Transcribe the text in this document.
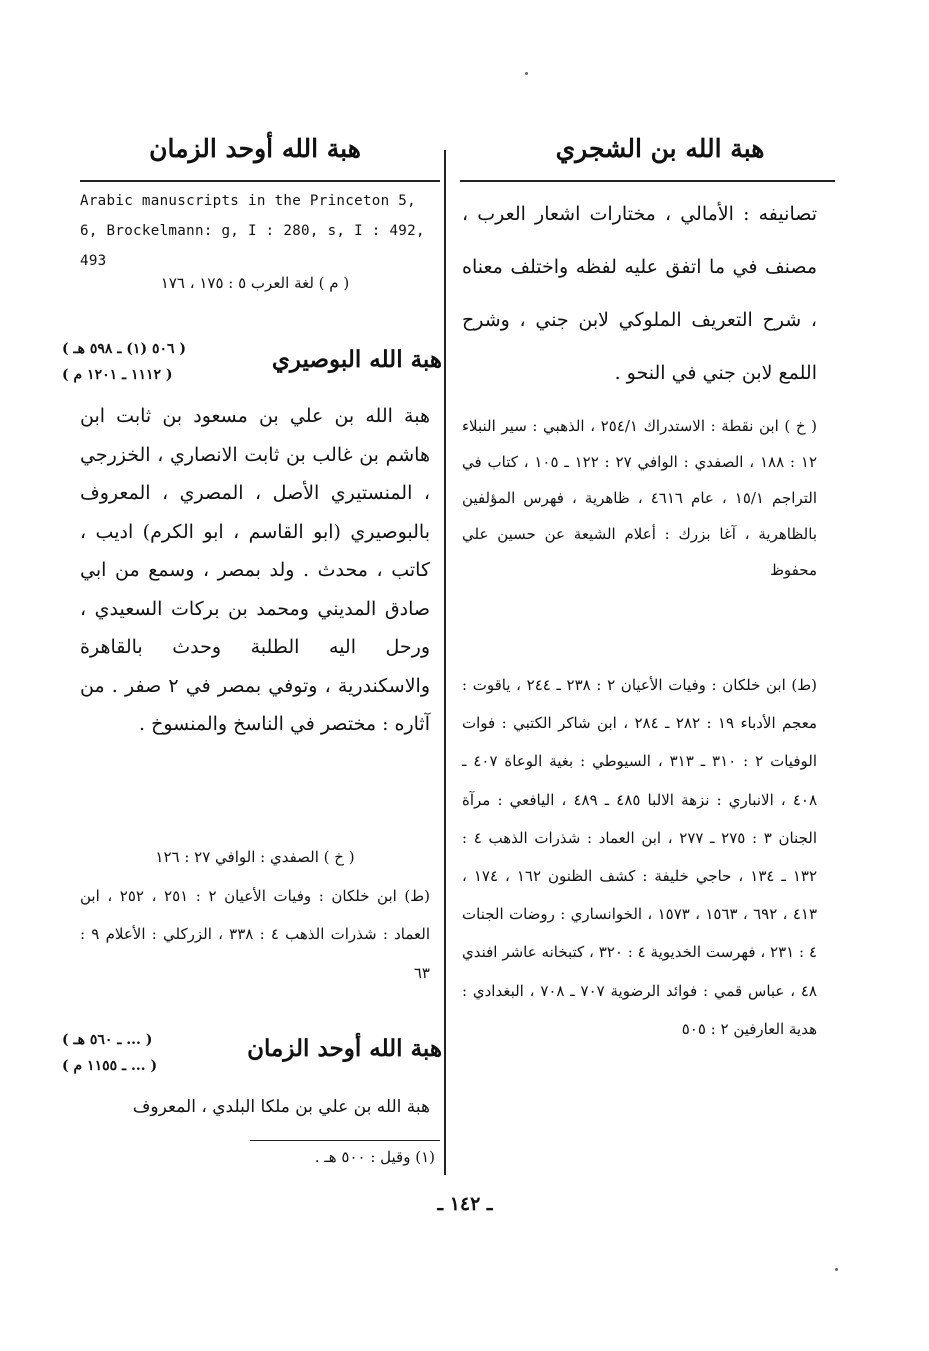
هبة الله بن الشجري

تصانيفه : الأمالي ، مختارات اشعار العرب ، مصنف في ما اتفق عليه لفظه واختلف معناه ، شرح التعريف الملوكي لابن جني ، وشرح اللمع لابن جني في النحو .

( خ ) ابن نقطة : الاستدراك ٢٥٤/١ ، الذهبي : سير النبلاء ١٢ : ١٨٨ ، الصفدي : الوافي ٢٧ : ١٢٢ ـ ١٠٥ ، كتاب في التراجم ١٥/١ ، عام ٤٦١٦ ، ظاهرية ، فهرس المؤلفين بالظاهرية ، آغا بزرك : أعلام الشيعة عن حسين علي محفوظ

(ط) ابن خلكان : وفيات الأعيان ٢ : ٢٣٨ ـ ٢٤٤ ، ياقوت : معجم الأدباء ١٩ : ٢٨٢ ـ ٢٨٤ ، ابن شاكر الكتبي : فوات الوفيات ٢ : ٣١٠ ـ ٣١٣ ، السيوطي : بغية الوعاة ٤٠٧ ـ ٤٠٨ ، الانباري : نزهة الالبا ٤٨٥ ـ ٤٨٩ ، اليافعي : مرآة الجنان ٣ : ٢٧٥ ـ ٢٧٧ ، ابن العماد : شذرات الذهب ٤ : ١٣٢ ـ ١٣٤ ، حاجي خليفة : كشف الظنون ١٦٢ ، ١٧٤ ، ٤١٣ ، ٦٩٢ ، ١٥٦٣ ، ١٥٧٣ ، الخوانساري : روضات الجنات ٤ : ٢٣١ ، فهرست الخديوية ٤ : ٣٢٠ ، كتبخانه عاشر افندي ٤٨ ، عباس قمي : فوائد الرضوية ٧٠٧ ـ ٧٠٨ ، البغدادي : هدية العارفين ٢ : ٥٠٥

هبة الله أوحد الزمان
Arabic manuscripts in the Princeton 5, 6, Brockelmann: g, I : 280, s, I : 492, 493
( م ) لغة العرب ٥ : ١٧٥ ، ١٧٦
هبة الله البوصيري
( ٥٠٦ (١) ـ ٥٩٨ هـ )
( ١١١٢ ـ ١٢٠١ م )
هبة الله بن علي بن مسعود بن ثابت ابن هاشم بن غالب بن ثابت الانصاري ، الخزرجي ، المنستيري الأصل ، المصري ، المعروف بالبوصيري (ابو القاسم ، ابو الكرم) اديب ، كاتب ، محدث . ولد بمصر ، وسمع من ابي صادق المديني ومحمد بن بركات السعيدي ، ورحل اليه الطلبة وحدث بالقاهرة والاسكندرية ، وتوفي بمصر في ٢ صفر . من آثاره : مختصر في الناسخ والمنسوخ .
( خ ) الصفدي : الوافي ٢٧ : ١٢٦
(ط) ابن خلكان : وفيات الأعيان ٢ : ٢٥١ ، ٢٥٢ ، ابن العماد : شذرات الذهب ٤ : ٣٣٨ ، الزركلي : الأعلام ٩ : ٦٣
هبة الله أوحد الزمان
( ... ـ ٥٦٠ هـ )
( ... ـ ١١٥٥ م )
هبة الله بن علي بن ملكا البلدي ، المعروف
(١) وقيل : ٥٠٠ هـ .
ـ ١٤٢ ـ
